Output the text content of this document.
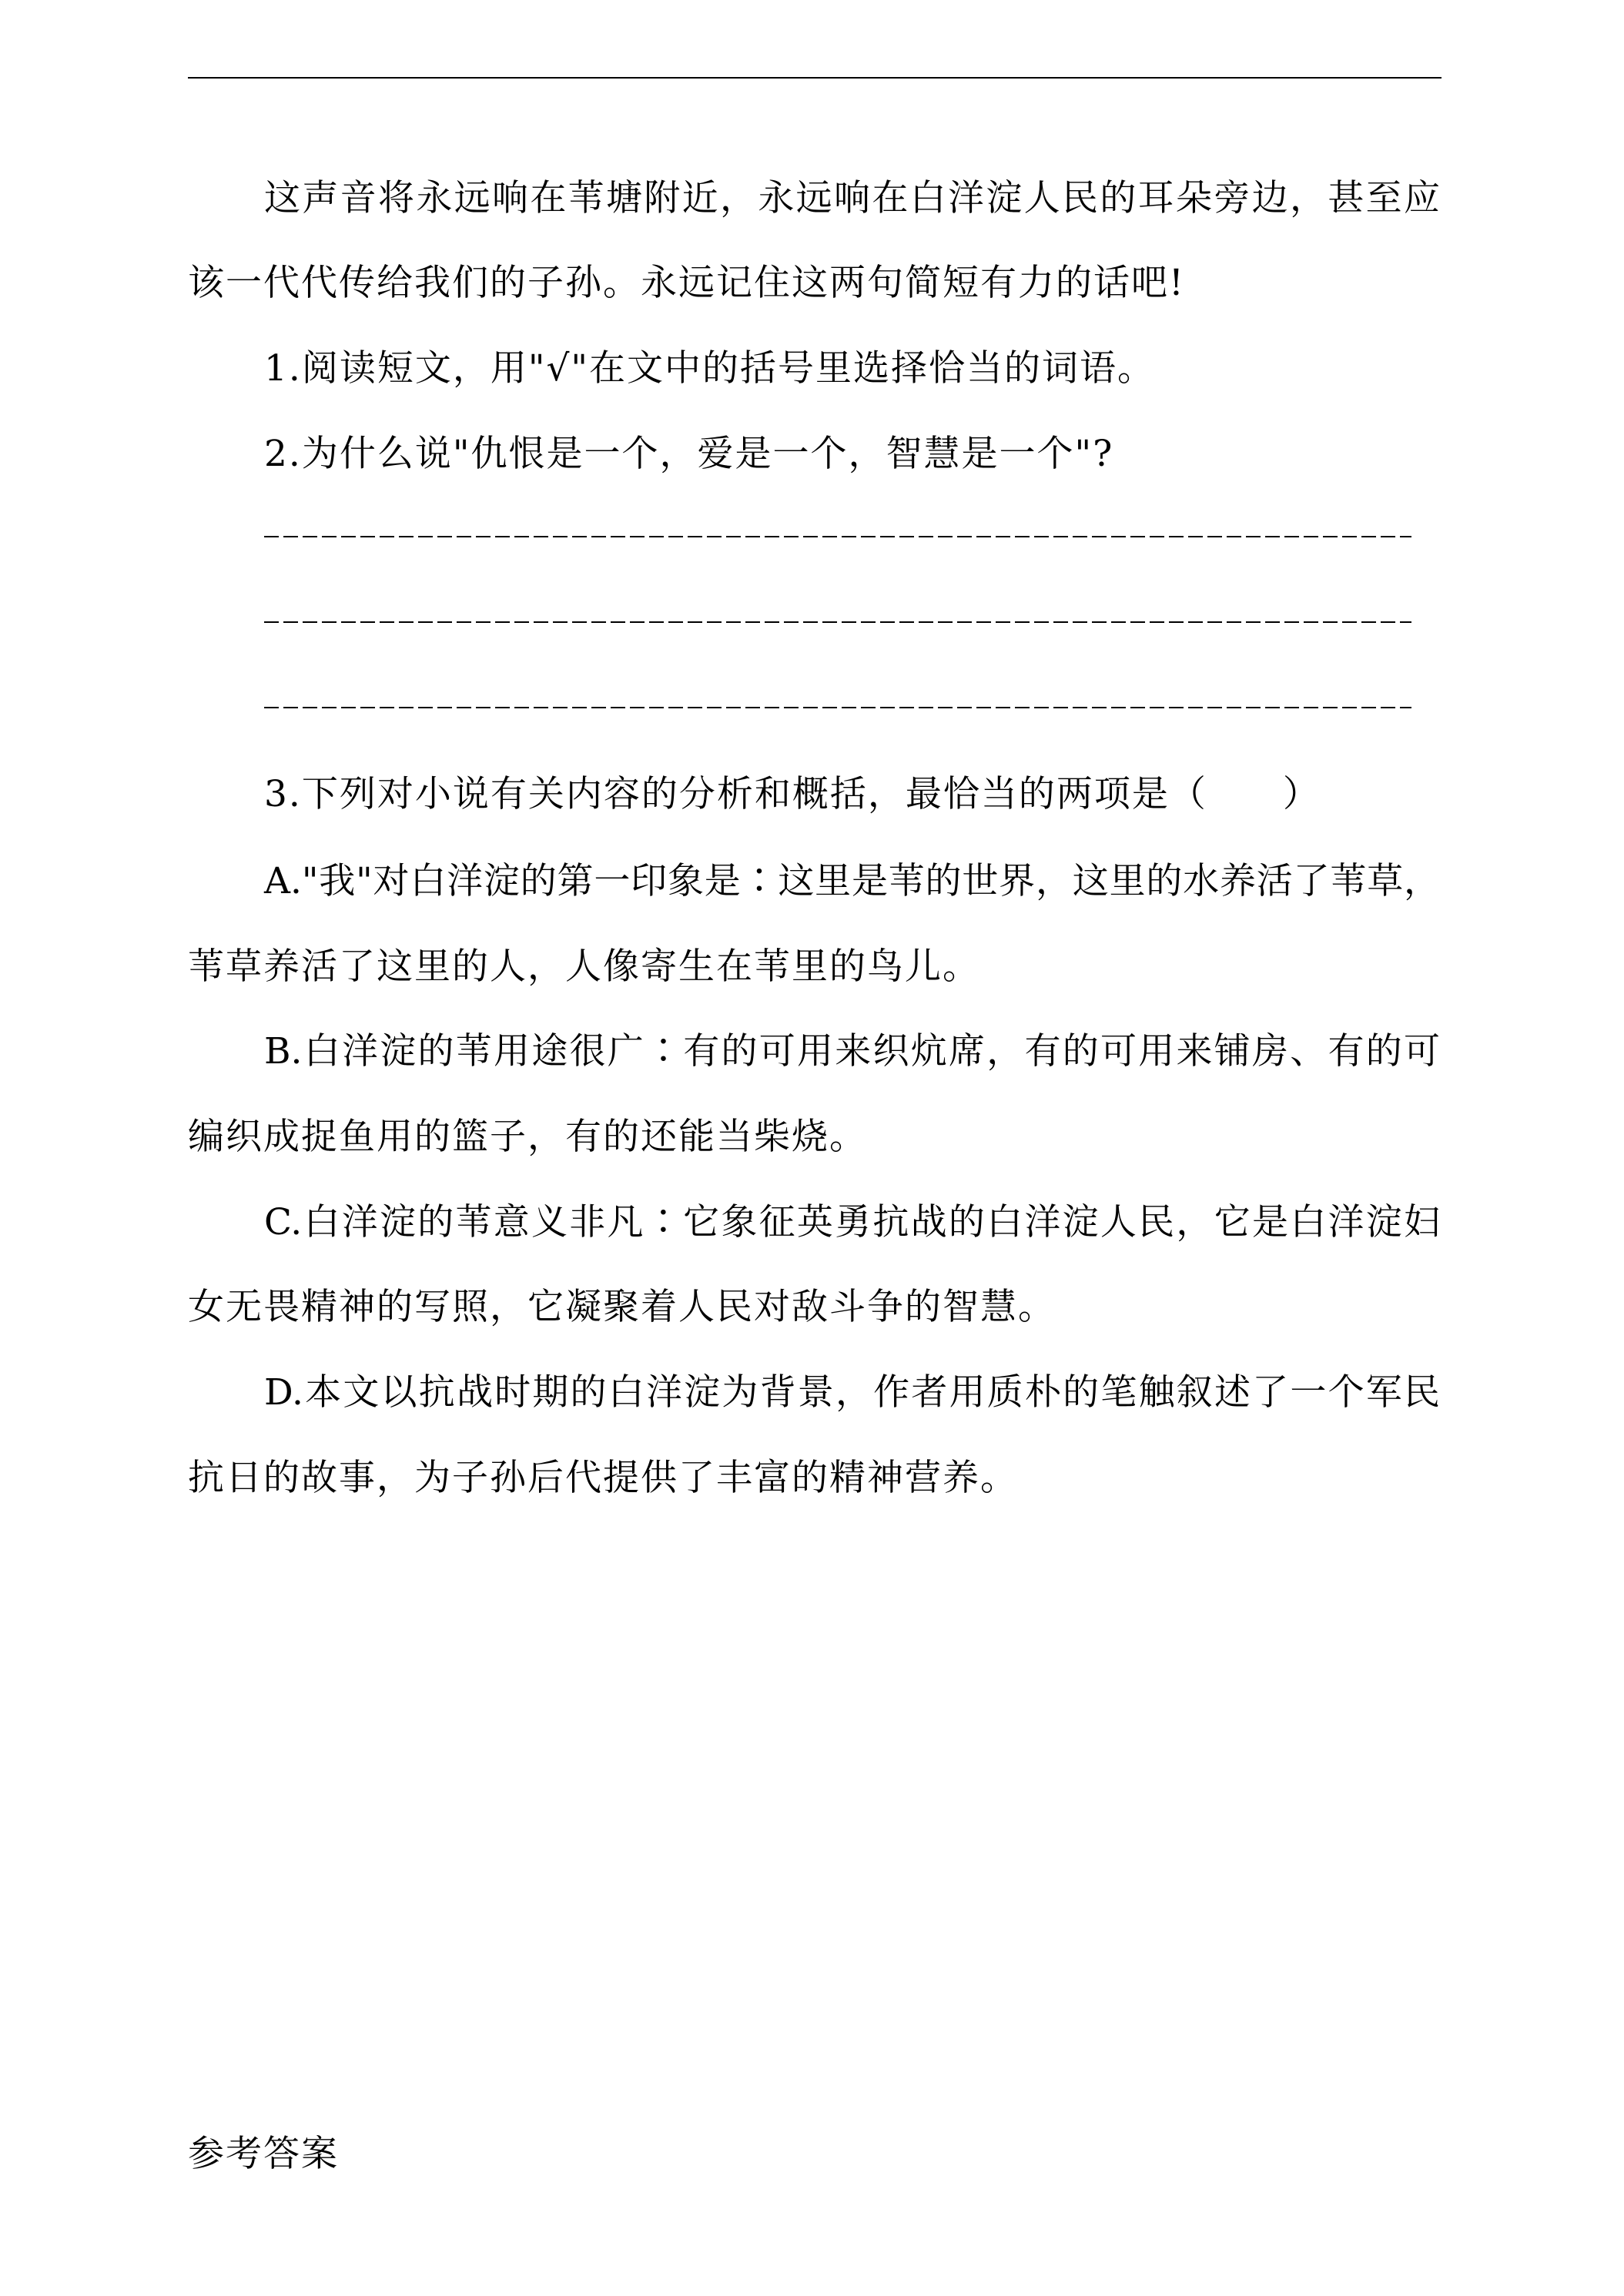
这声音将永远响在苇塘附近，永远响在白洋淀人民的耳朵旁边，甚至应
该一代代传给我们的子孙。永远记住这两句简短有力的话吧!
1.阅读短文，用"√"在文中的括号里选择恰当的词语。
2.为什么说"仇恨是一个，爱是一个，智慧是一个"?
3.下列对小说有关内容的分析和概括，最恰当的两项是（　　）
A."我"对白洋淀的第一印象是∶这里是苇的世界，这里的水养活了苇草，
苇草养活了这里的人，人像寄生在苇里的鸟儿。
B.白洋淀的苇用途很广∶有的可用来织炕席，有的可用来铺房、有的可
编织成捉鱼用的篮子，有的还能当柴烧。
C.白洋淀的苇意义非凡∶它象征英勇抗战的白洋淀人民，它是白洋淀妇
女无畏精神的写照，它凝聚着人民对敌斗争的智慧。
D.本文以抗战时期的白洋淀为背景，作者用质朴的笔触叙述了一个军民
抗日的故事，为子孙后代提供了丰富的精神营养。
参考答案
